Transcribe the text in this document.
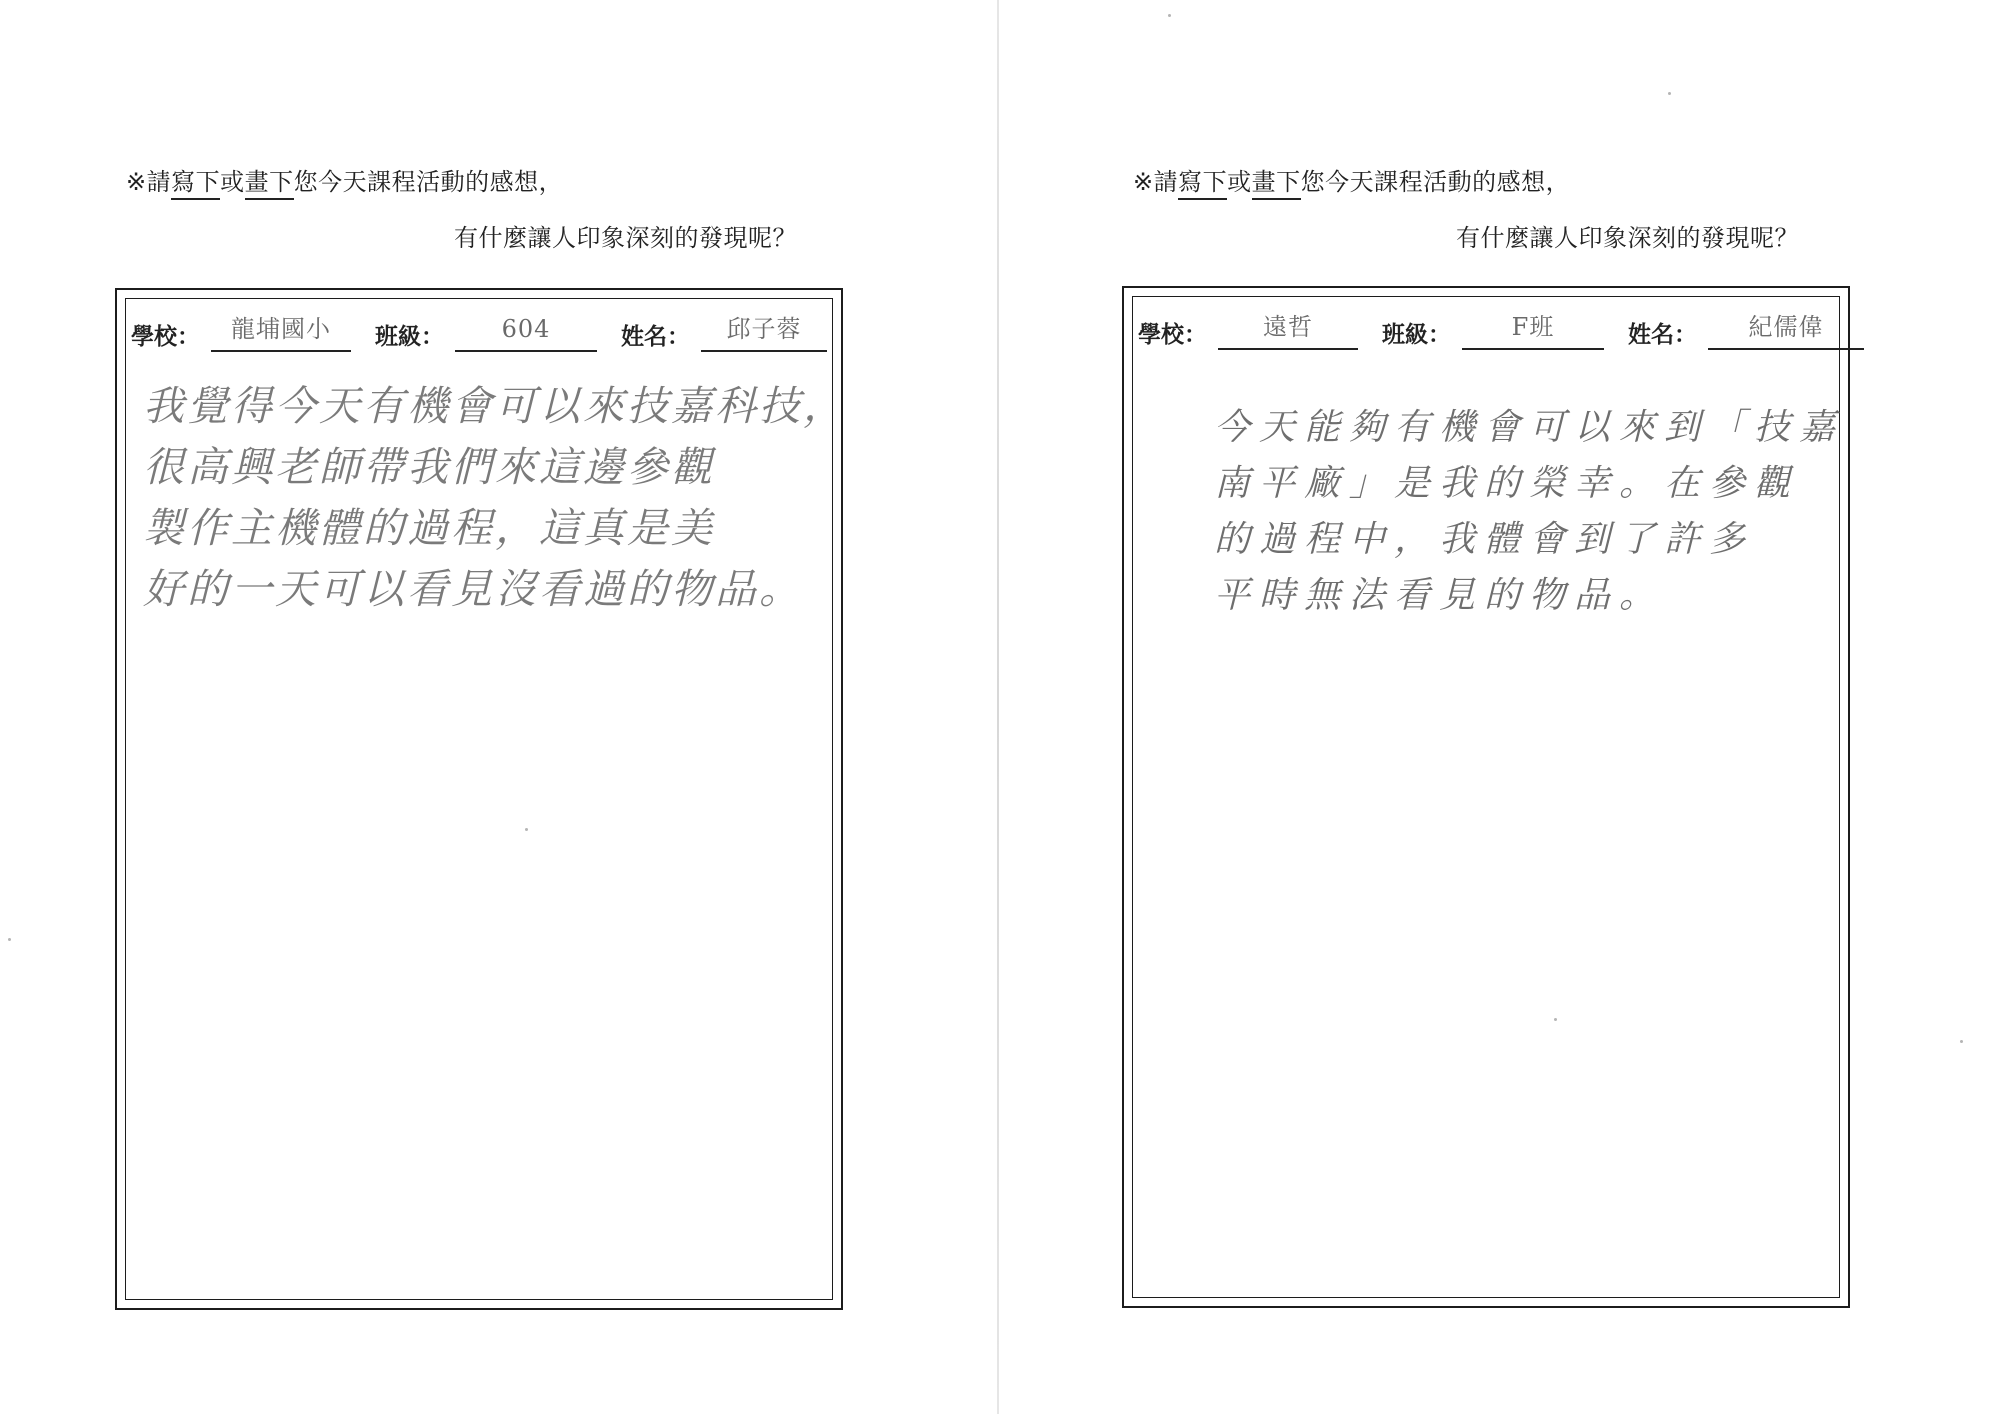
※請寫下或畫下您今天課程活動的感想，
有什麼讓人印象深刻的發現呢？
學校：	龍埔國小	班級：	604	姓名：	邱子蓉
我覺得今天有機會可以來技嘉科技，
很高興老師帶我們來這邊參觀
製作主機體的過程，這真是美
好的一天可以看見沒看過的物品。
※請寫下或畫下您今天課程活動的感想，
有什麼讓人印象深刻的發現呢？
學校：	遠哲	班級：	F班	姓名：	紀儒偉
今天能夠有機會可以來到「技嘉
南平廠」是我的榮幸。在參觀
的過程中，我體會到了許多
平時無法看見的物品。
